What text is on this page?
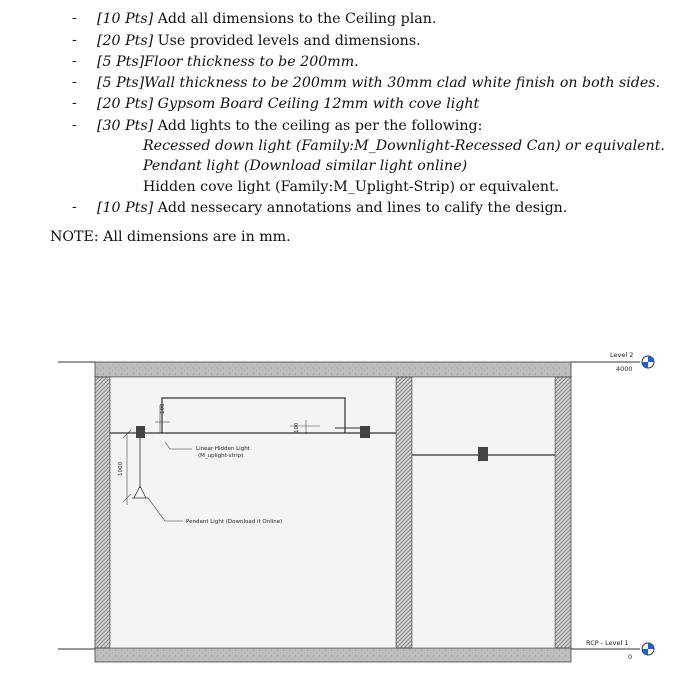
- [10 Pts] Add all dimensions to the Ceiling plan.
- [20 Pts] Use provided levels and dimensions.
- [5 Pts]Floor thickness to be 200mm.
- [5 Pts]Wall thickness to be 200mm with 30mm clad white finish on both sides.
- [20 Pts] Gypsom Board Ceiling 12mm with cove light
- [30 Pts] Add lights to the ceiling as per the following:
Recessed down light (Family:M_Downlight-Recessed Can) or equivalent.
Pendant light (Download similar light online)
Hidden cove light (Family:M_Uplight-Strip) or equivalent.
- [10 Pts] Add nessecary annotations and lines to calify the design.
NOTE: All dimensions are in mm.
100
100
1000
Linear Hidden Light
(M_uplight-strip)
Pendant Light (Download it Online)
Level 2
4000
RCP - Level 1
0
